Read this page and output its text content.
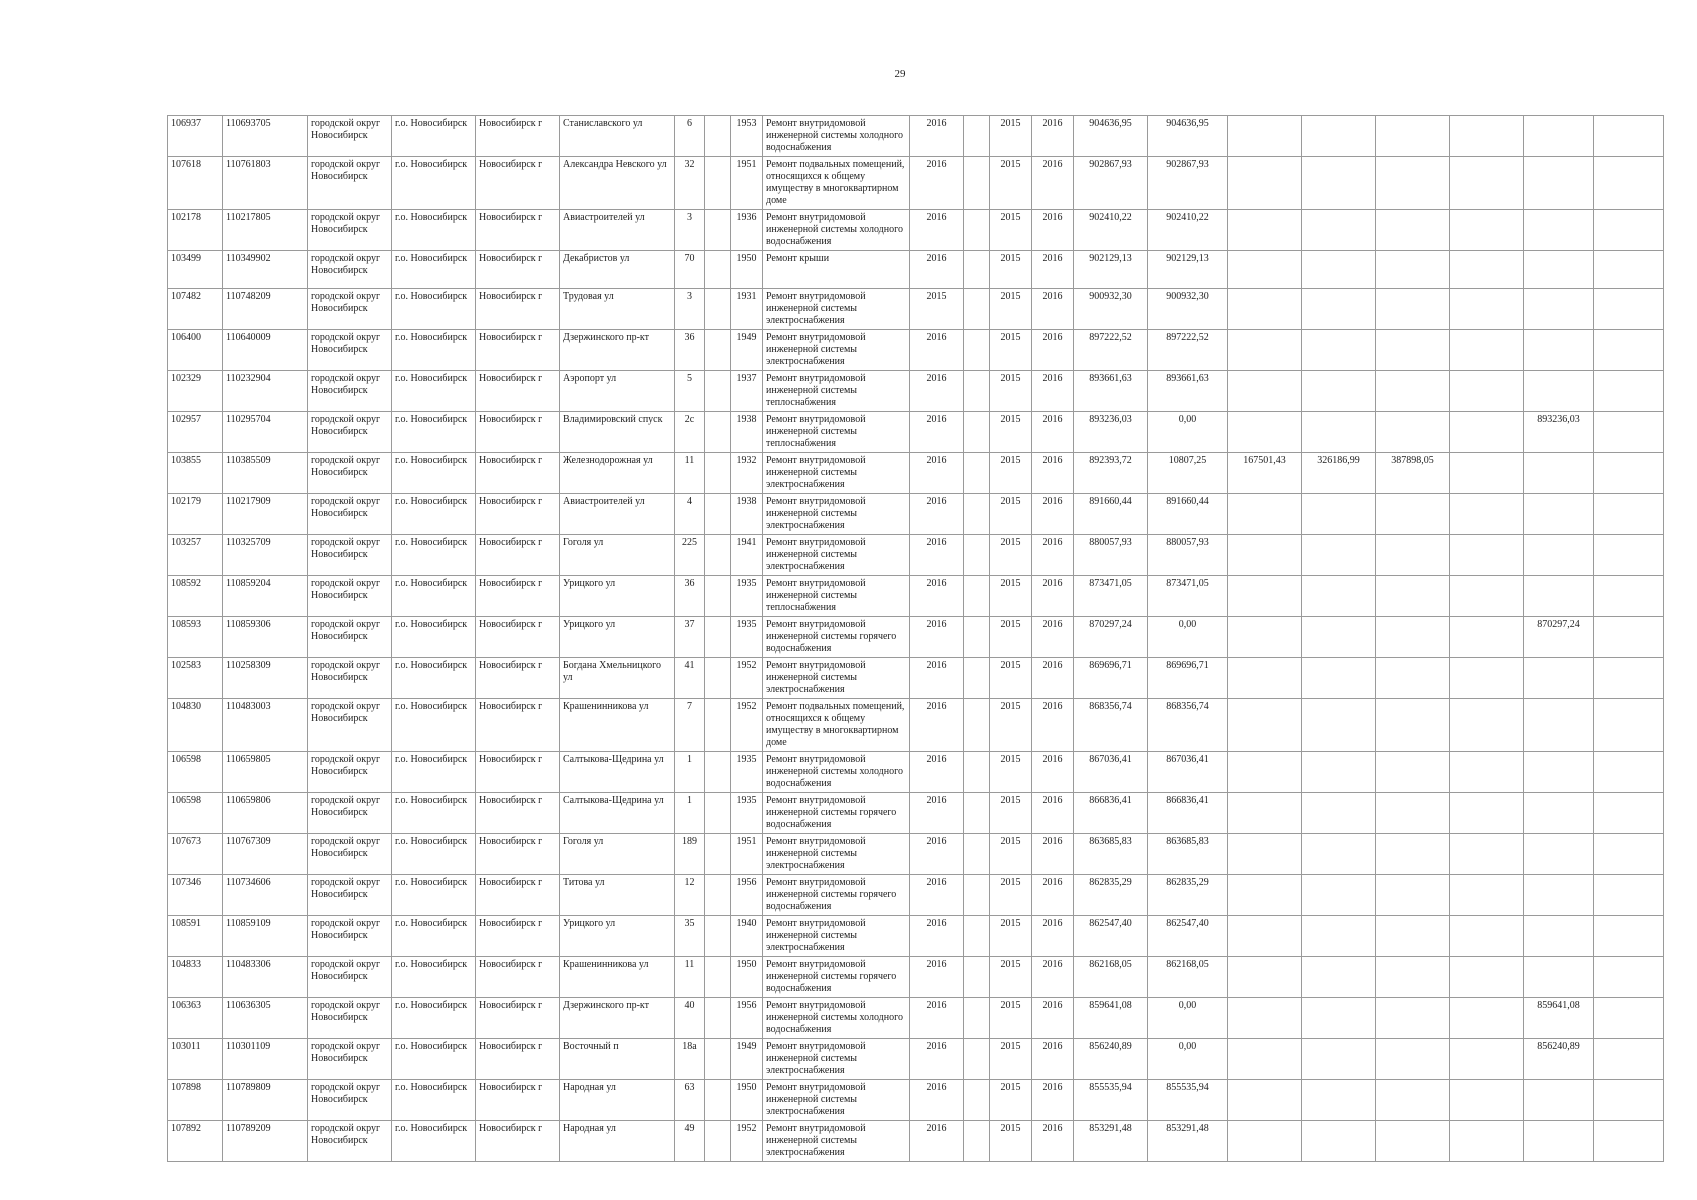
29
106937	110693705	городской округ Новосибирск	г.о. Новосибирск	Новосибирск г	Станиславского ул	6		1953	Ремонт внутридомовой инженерной системы холодного водоснабжения	2016		2015	2016	904636,95	904636,95						
107618	110761803	городской округ Новосибирск	г.о. Новосибирск	Новосибирск г	Александра Невского ул	32		1951	Ремонт подвальных помещений, относящихся к общему имуществу в многоквартирном доме	2016		2015	2016	902867,93	902867,93						
102178	110217805	городской округ Новосибирск	г.о. Новосибирск	Новосибирск г	Авиастроителей ул	3		1936	Ремонт внутридомовой инженерной системы холодного водоснабжения	2016		2015	2016	902410,22	902410,22						
103499	110349902	городской округ Новосибирск	г.о. Новосибирск	Новосибирск г	Декабристов ул	70		1950	Ремонт крыши	2016		2015	2016	902129,13	902129,13						
107482	110748209	городской округ Новосибирск	г.о. Новосибирск	Новосибирск г	Трудовая ул	3		1931	Ремонт внутридомовой инженерной системы электроснабжения	2015		2015	2016	900932,30	900932,30						
106400	110640009	городской округ Новосибирск	г.о. Новосибирск	Новосибирск г	Дзержинского пр-кт	36		1949	Ремонт внутридомовой инженерной системы электроснабжения	2016		2015	2016	897222,52	897222,52						
102329	110232904	городской округ Новосибирск	г.о. Новосибирск	Новосибирск г	Аэропорт ул	5		1937	Ремонт внутридомовой инженерной системы теплоснабжения	2016		2015	2016	893661,63	893661,63						
102957	110295704	городской округ Новосибирск	г.о. Новосибирск	Новосибирск г	Владимировский спуск	2с		1938	Ремонт внутридомовой инженерной системы теплоснабжения	2016		2015	2016	893236,03	0,00					893236,03	
103855	110385509	городской округ Новосибирск	г.о. Новосибирск	Новосибирск г	Железнодорожная ул	11		1932	Ремонт внутридомовой инженерной системы электроснабжения	2016		2015	2016	892393,72	10807,25	167501,43	326186,99	387898,05			
102179	110217909	городской округ Новосибирск	г.о. Новосибирск	Новосибирск г	Авиастроителей ул	4		1938	Ремонт внутридомовой инженерной системы электроснабжения	2016		2015	2016	891660,44	891660,44						
103257	110325709	городской округ Новосибирск	г.о. Новосибирск	Новосибирск г	Гоголя ул	225		1941	Ремонт внутридомовой инженерной системы электроснабжения	2016		2015	2016	880057,93	880057,93						
108592	110859204	городской округ Новосибирск	г.о. Новосибирск	Новосибирск г	Урицкого ул	36		1935	Ремонт внутридомовой инженерной системы теплоснабжения	2016		2015	2016	873471,05	873471,05						
108593	110859306	городской округ Новосибирск	г.о. Новосибирск	Новосибирск г	Урицкого ул	37		1935	Ремонт внутридомовой инженерной системы горячего водоснабжения	2016		2015	2016	870297,24	0,00					870297,24	
102583	110258309	городской округ Новосибирск	г.о. Новосибирск	Новосибирск г	Богдана Хмельницкого ул	41		1952	Ремонт внутридомовой инженерной системы электроснабжения	2016		2015	2016	869696,71	869696,71						
104830	110483003	городской округ Новосибирск	г.о. Новосибирск	Новосибирск г	Крашенинникова ул	7		1952	Ремонт подвальных помещений, относящихся к общему имуществу в многоквартирном доме	2016		2015	2016	868356,74	868356,74						
106598	110659805	городской округ Новосибирск	г.о. Новосибирск	Новосибирск г	Салтыкова-Щедрина ул	1		1935	Ремонт внутридомовой инженерной системы холодного водоснабжения	2016		2015	2016	867036,41	867036,41						
106598	110659806	городской округ Новосибирск	г.о. Новосибирск	Новосибирск г	Салтыкова-Щедрина ул	1		1935	Ремонт внутридомовой инженерной системы горячего водоснабжения	2016		2015	2016	866836,41	866836,41						
107673	110767309	городской округ Новосибирск	г.о. Новосибирск	Новосибирск г	Гоголя ул	189		1951	Ремонт внутридомовой инженерной системы электроснабжения	2016		2015	2016	863685,83	863685,83						
107346	110734606	городской округ Новосибирск	г.о. Новосибирск	Новосибирск г	Титова ул	12		1956	Ремонт внутридомовой инженерной системы горячего водоснабжения	2016		2015	2016	862835,29	862835,29						
108591	110859109	городской округ Новосибирск	г.о. Новосибирск	Новосибирск г	Урицкого ул	35		1940	Ремонт внутридомовой инженерной системы электроснабжения	2016		2015	2016	862547,40	862547,40						
104833	110483306	городской округ Новосибирск	г.о. Новосибирск	Новосибирск г	Крашенинникова ул	11		1950	Ремонт внутридомовой инженерной системы горячего водоснабжения	2016		2015	2016	862168,05	862168,05						
106363	110636305	городской округ Новосибирск	г.о. Новосибирск	Новосибирск г	Дзержинского пр-кт	40		1956	Ремонт внутридомовой инженерной системы холодного водоснабжения	2016		2015	2016	859641,08	0,00					859641,08	
103011	110301109	городской округ Новосибирск	г.о. Новосибирск	Новосибирск г	Восточный п	18а		1949	Ремонт внутридомовой инженерной системы электроснабжения	2016		2015	2016	856240,89	0,00					856240,89	
107898	110789809	городской округ Новосибирск	г.о. Новосибирск	Новосибирск г	Народная ул	63		1950	Ремонт внутридомовой инженерной системы электроснабжения	2016		2015	2016	855535,94	855535,94						
107892	110789209	городской округ Новосибирск	г.о. Новосибирск	Новосибирск г	Народная ул	49		1952	Ремонт внутридомовой инженерной системы электроснабжения	2016		2015	2016	853291,48	853291,48						
